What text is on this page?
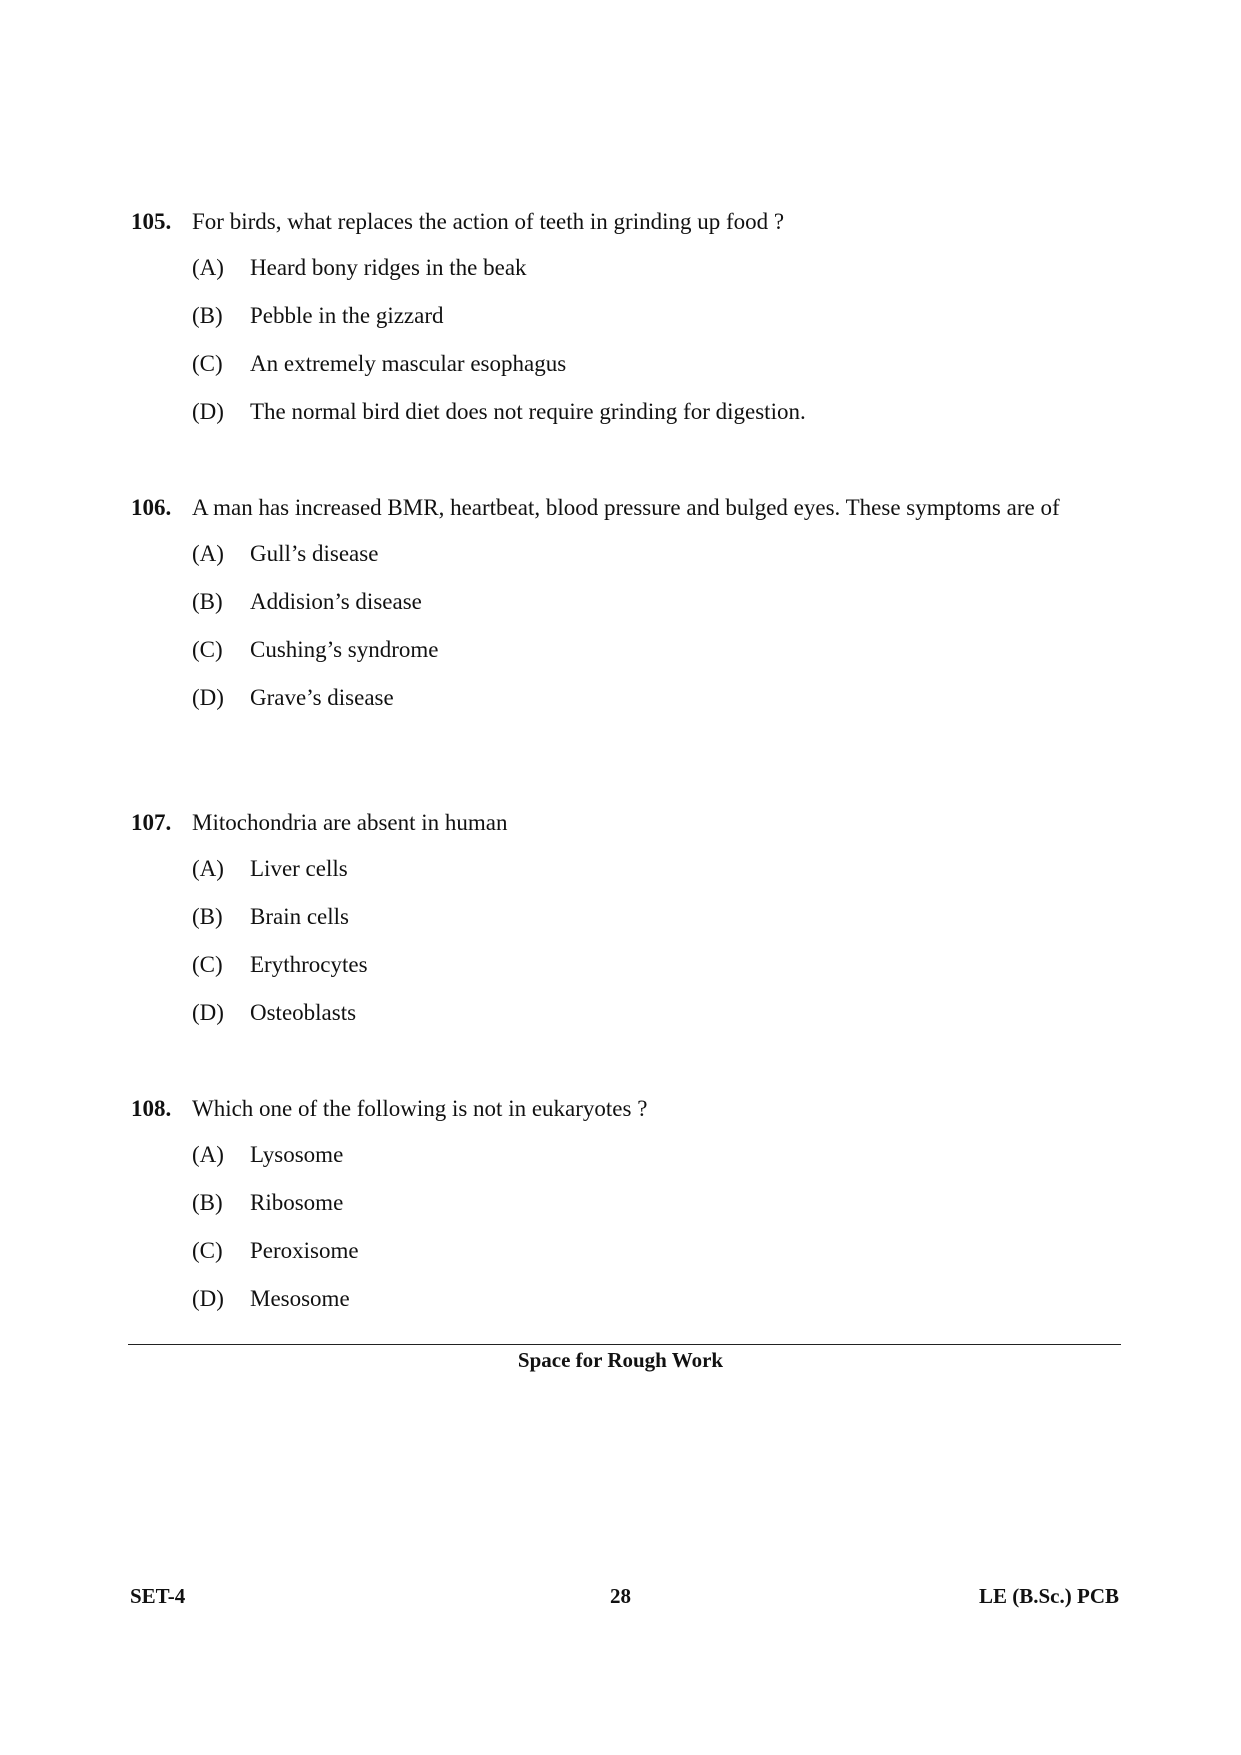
105. For birds, what replaces the action of teeth in grinding up food ?
(A) Heard bony ridges in the beak
(B) Pebble in the gizzard
(C) An extremely mascular esophagus
(D) The normal bird diet does not require grinding for digestion.
106. A man has increased BMR, heartbeat, blood pressure and bulged eyes. These symptoms are of
(A) Gull’s disease
(B) Addision’s disease
(C) Cushing’s syndrome
(D) Grave’s disease
107. Mitochondria are absent in human
(A) Liver cells
(B) Brain cells
(C) Erythrocytes
(D) Osteoblasts
108. Which one of the following is not in eukaryotes ?
(A) Lysosome
(B) Ribosome
(C) Peroxisome
(D) Mesosome
Space for Rough Work
SET-4	28	LE (B.Sc.) PCB
